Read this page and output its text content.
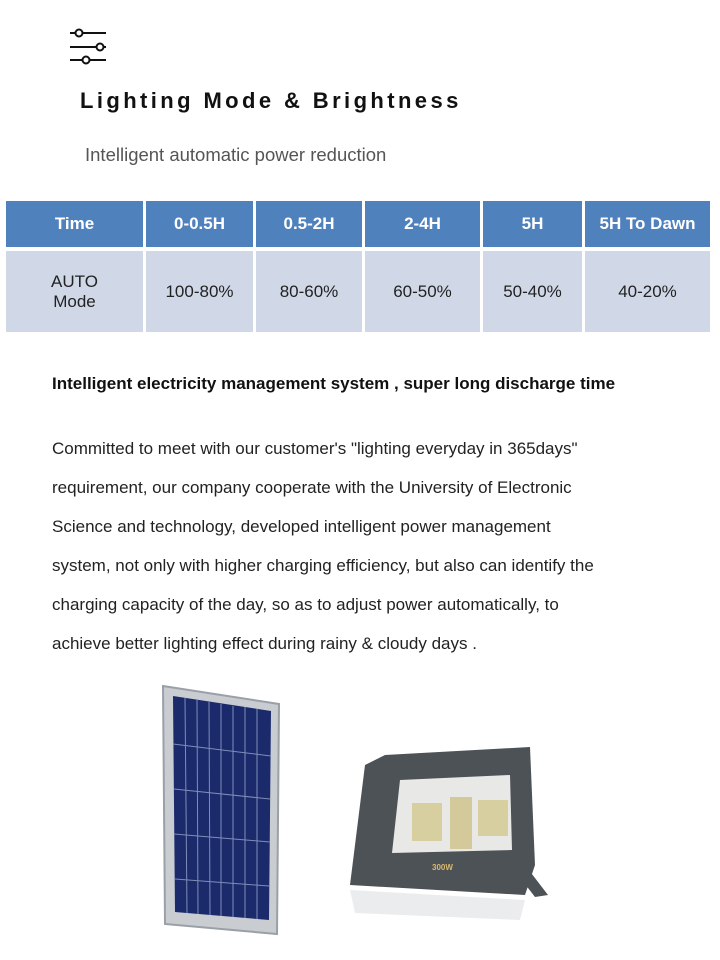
Lighting Mode & Brightness
Intelligent automatic power reduction
Time	0-0.5H	0.5-2H	2-4H	5H	5H To Dawn
AUTO
Mode	100-80%	80-60%	60-50%	50-40%	40-20%
Intelligent electricity management system , super long discharge time

Committed to meet with our customer's "lighting everyday in 365days"

requirement, our company cooperate with the University of Electronic

Science and technology, developed intelligent power management

system, not only with higher charging efficiency, but also can identify the

charging capacity of the day, so as to adjust power automatically, to

achieve better lighting effect during rainy & cloudy days .

300W
